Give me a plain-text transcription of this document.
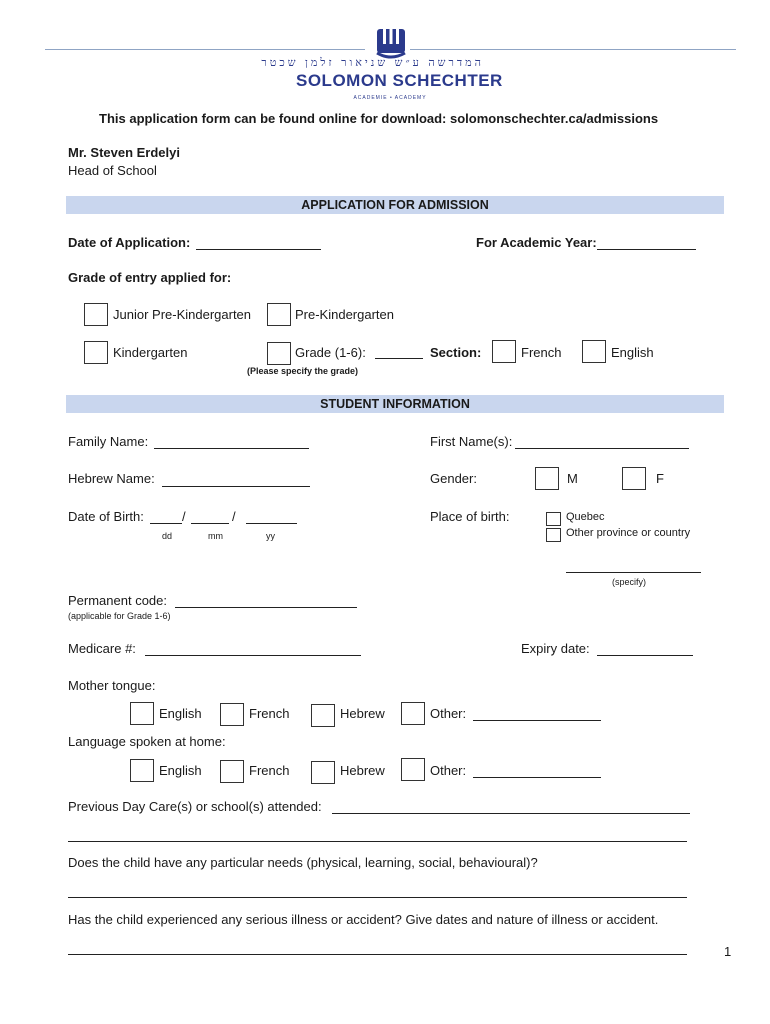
המדרשה ע״ש שניאור זלמן שכטר
SOLOMON SCHECHTER
ACADEMIE • ACADEMY
This application form can be found online for download: solomonschechter.ca/admissions
Mr. Steven Erdelyi
Head of School
APPLICATION FOR ADMISSION
Date of Application:	For Academic Year:
Grade of entry applied for:
Junior Pre-Kindergarten	Pre-Kindergarten
Kindergarten	Grade (1-6):	Section:	French	English
(Please specify the grade)
STUDENT INFORMATION
Family Name:	First Name(s):
Hebrew Name:	Gender:	M	F
Date of Birth:	/	/
dd	mm	yy
Place of birth:	Quebec
Other province or country
(specify)
Permanent code:
(applicable for Grade 1-6)
Medicare #:	Expiry date:
Mother tongue:
English	French	Hebrew	Other:
Language spoken at home:
English	French	Hebrew	Other:
Previous Day Care(s) or school(s) attended:
Does the child have any particular needs (physical, learning, social, behavioural)?
Has the child experienced any serious illness or accident? Give dates and nature of illness or accident.
1
